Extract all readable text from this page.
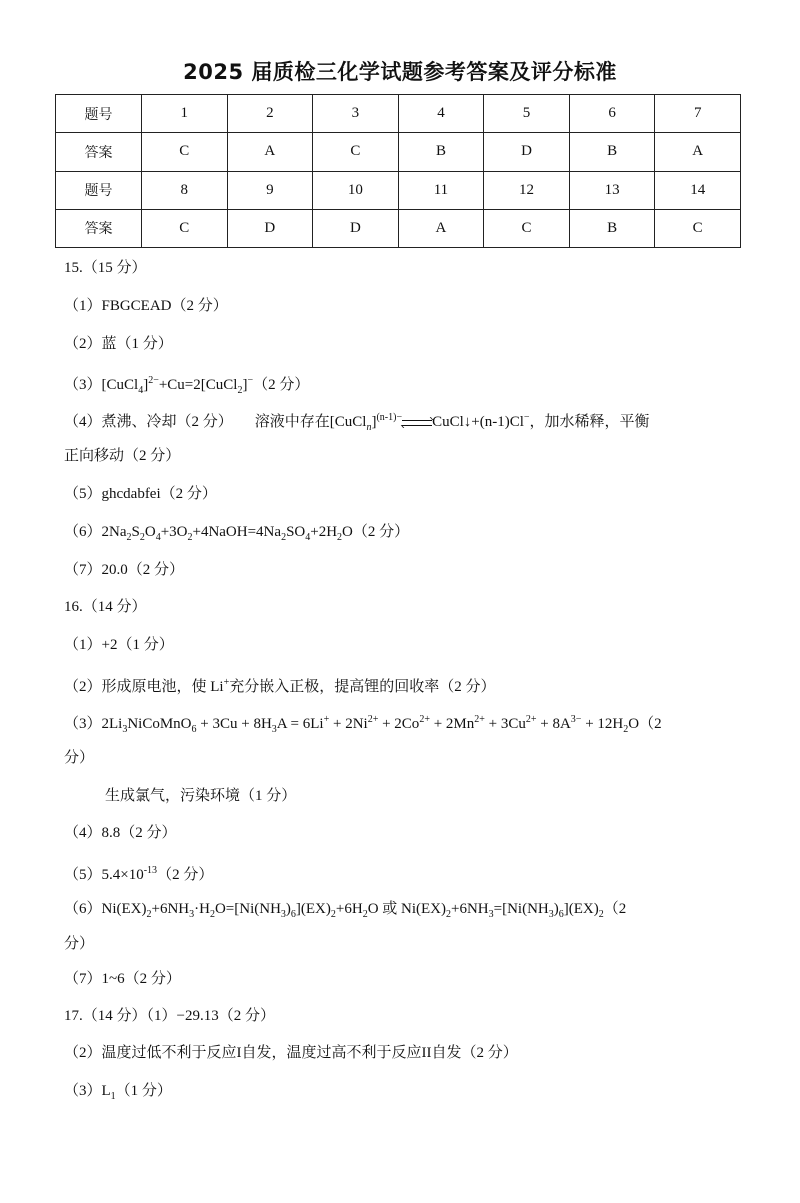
2025 届质检三化学试题参考答案及评分标准
题号	1	2	3	4	5	6	7
答案	C	A	C	B	D	B	A
题号	8	9	10	11	12	13	14
答案	C	D	D	A	C	B	C
15.（15 分）
（1）FBGCEAD（2 分）
（2）蓝（1 分）
（3）[CuCl$_4$]$^{2-}$+Cu=2[CuCl$_2$]−（2 分）
（4）煮沸、冷却（2 分） 溶液中存在[CuCl$_n$]$^{(n-1)-}$ CuCl↓+(n-1)Cl−，加水稀释，平衡
正向移动（2 分）
（5）ghcdabfei（2 分）
$(6)2Na_2S_2O_4+3O_2+4NaOH=4Na_2SO_4+2H_2O(2$ 分）
（7）20.0（2 分）
16.（14 分）
（1）+2（1 分）
（2）形成原电池，使 Li+充分嵌入正极，提高锂的回收率（2 分）
$(3)2Li_3NiCoMnO_6 + 3Cu + 8H_3A = 6Li^+ + 2Ni^{2+} + 2Co^{2+} + 2Mn^{2+} + 3Cu^{2+} + 8A^{3-} + 12H_2O(2$
分）
生成氯气，污染环境（1 分）
（4）8.8（2 分）
$(5)5.4\times 10^{-13}(2$ 分）
$(6)Ni(EX)_2+6NH_3\cdot H_2O=[Ni(NH_3)_6](EX)_2+6H_2O$ 或 $Ni(EX)_2+6NH_3=[Ni(NH_3)_6](EX)_2(2$
分）
（7）1~6（2 分）
17.（14 分）（1）−29.13（2 分）
（2）温度过低不利于反应I自发，温度过高不利于反应II自发（2 分）
$(3)L_1(1$ 分）
